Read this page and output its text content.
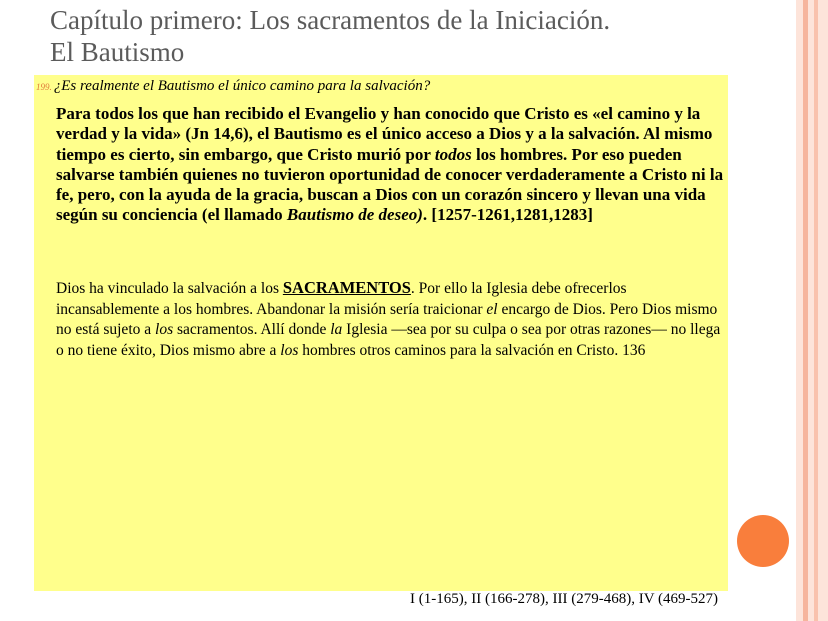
Capítulo primero: Los sacramentos de la Iniciación.
El Bautismo
199. ¿Es realmente el Bautismo el único camino para la salvación?
Para todos los que han recibido el Evangelio y han conocido que Cristo es «el camino y la verdad y la vida» (Jn 14,6), el Bautismo es el único acceso a Dios y a la salvación. Al mismo tiempo es cierto, sin embargo, que Cristo murió por todos los hombres. Por eso pueden salvarse también quienes no tuvieron oportunidad de conocer verdaderamente a Cristo ni la fe, pero, con la ayuda de la gracia, buscan a Dios con un corazón sincero y llevan una vida según su conciencia (el llamado Bautismo de deseo). [1257-1261,1281,1283]
Dios ha vinculado la salvación a los SACRAMENTOS. Por ello la Iglesia debe ofrecerlos incansablemente a los hombres. Abandonar la misión sería traicionar el encargo de Dios. Pero Dios mismo no está sujeto a los sacramentos. Allí donde la Iglesia —sea por su culpa o sea por otras razones— no llega o no tiene éxito, Dios mismo abre a los hombres otros caminos para la salvación en Cristo. 136
I (1-165), II (166-278), III (279-468), IV (469-527)
